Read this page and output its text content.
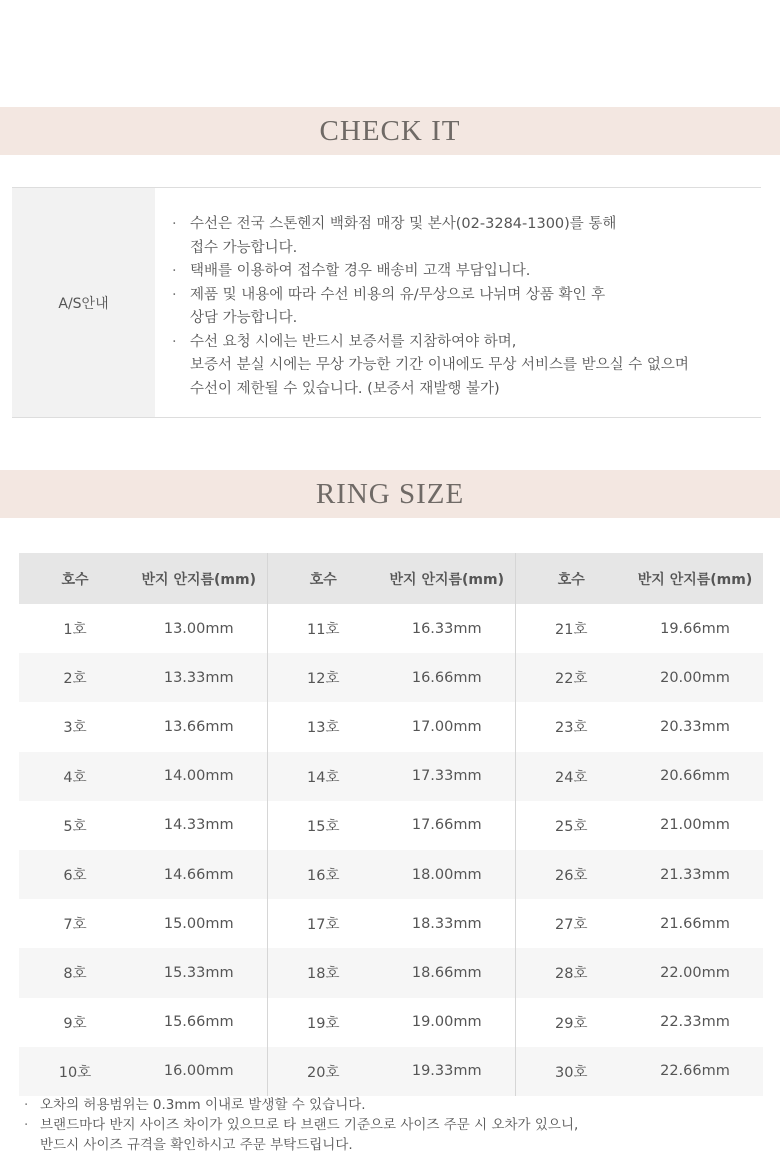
CHECK IT
A/S안내
· 수선은 전국 스톤헨지 백화점 매장 및 본사(02-3284-1300)를 통해
접수 가능합니다.
· 택배를 이용하여 접수할 경우 배송비 고객 부담입니다.
· 제품 및 내용에 따라 수선 비용의 유/무상으로 나뉘며 상품 확인 후
상담 가능합니다.
· 수선 요청 시에는 반드시 보증서를 지참하여야 하며,
보증서 분실 시에는 무상 가능한 기간 이내에도 무상 서비스를 받으실 수 없으며
수선이 제한될 수 있습니다. (보증서 재발행 불가)
RING SIZE
호수	반지 안지름(mm)	호수	반지 안지름(mm)	호수	반지 안지름(mm)
1호	13.00mm	11호	16.33mm	21호	19.66mm
2호	13.33mm	12호	16.66mm	22호	20.00mm
3호	13.66mm	13호	17.00mm	23호	20.33mm
4호	14.00mm	14호	17.33mm	24호	20.66mm
5호	14.33mm	15호	17.66mm	25호	21.00mm
6호	14.66mm	16호	18.00mm	26호	21.33mm
7호	15.00mm	17호	18.33mm	27호	21.66mm
8호	15.33mm	18호	18.66mm	28호	22.00mm
9호	15.66mm	19호	19.00mm	29호	22.33mm
10호	16.00mm	20호	19.33mm	30호	22.66mm
· 오차의 허용범위는 0.3mm 이내로 발생할 수 있습니다.
· 브랜드마다 반지 사이즈 차이가 있으므로 타 브랜드 기준으로 사이즈 주문 시 오차가 있으니,
반드시 사이즈 규격을 확인하시고 주문 부탁드립니다.
